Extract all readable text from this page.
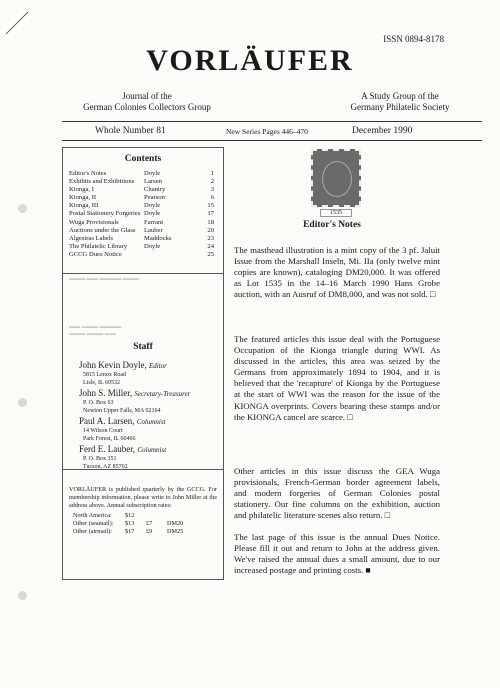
ISSN 0894-8178
VORLÄUFER
Journal of the
German Colonies Collectors Group
A Study Group of the
Germany Philatelic Society
Whole Number 81	New Series Pages 446–470	December 1990
Contents
Editor's Notes	Doyle	1
Exhibits and Exhibitions	Larsen	2
Kionga, I	Chantry	3
Kionga, II	Pearson	6
Kionga, III	Doyle	15
Postal Stationery Forgeries Doyle	17
Wuga Provisionals	Farrant	18
Auctions under the Glass	Lauber	20
Algesiras Labels	Maddocks	23
The Philatelic Library	Doyle	24
GCCG Dues Notice	25
▬▬▬ ▬▬ ▬▬▬▬ ▬▬▬
▬▬ ▬▬▬ ▬▬▬▬
▬▬▬ ▬▬▬ ▬▬
Staff
John Kevin Doyle, Editor
5815 Lenox Road
Lisle, IL 60532
John S. Miller, Secretary-Treasurer
P. O. Box 63
Newton Upper Falls, MA 02164
Paul A. Larsen, Columnist
14 Wilson Court
Park Forest, IL 60466
Ferd E. Lauber, Columnist
P. O. Box 351
Tucson, AZ 85702

VORLÄUFER is published quarterly by the GCCG. For membership information, please write to John Miller at the address above. Annual subscription rates:

North America:	$12
Other (seamail):	$13	£7	DM20
Other (airmail):	$17	£9	DM25
1535
Editor's Notes

The masthead illustration is a mint copy of the 3 pf. Jaluit Issue from the Marshall Inseln, Mi. IIa (only twelve mint copies are known), cataloging DM20,000. It was offered as Lot 1535 in the 14–16 March 1990 Hans Grobe auction, with an Ausruf of DM8,000, and was not sold. □

The featured articles this issue deal with the Portuguese Occupation of the Kionga triangle during WWI. As discussed in the articles, this area was seized by the Germans from approximately 1894 to 1904, and it is believed that the 'recapture' of Kionga by the Portuguese at the start of WWI was the reason for the issue of the KIONGA overprints. Covers bearing these stamps and/or the KIONGA cancel are scarce. □

Other articles in this issue discuss the GEA Wuga provisionals, French-German border agreement labels, and modern forgeries of German Colonies postal stationery. Our fine columns on the exhibition, auction and philatelic literature scenes also return. □

The last page of this issue is the annual Dues Notice. Please fill it out and return to John at the address given. We've raised the annual dues a small amount, due to our increased postage and printing costs. ■
